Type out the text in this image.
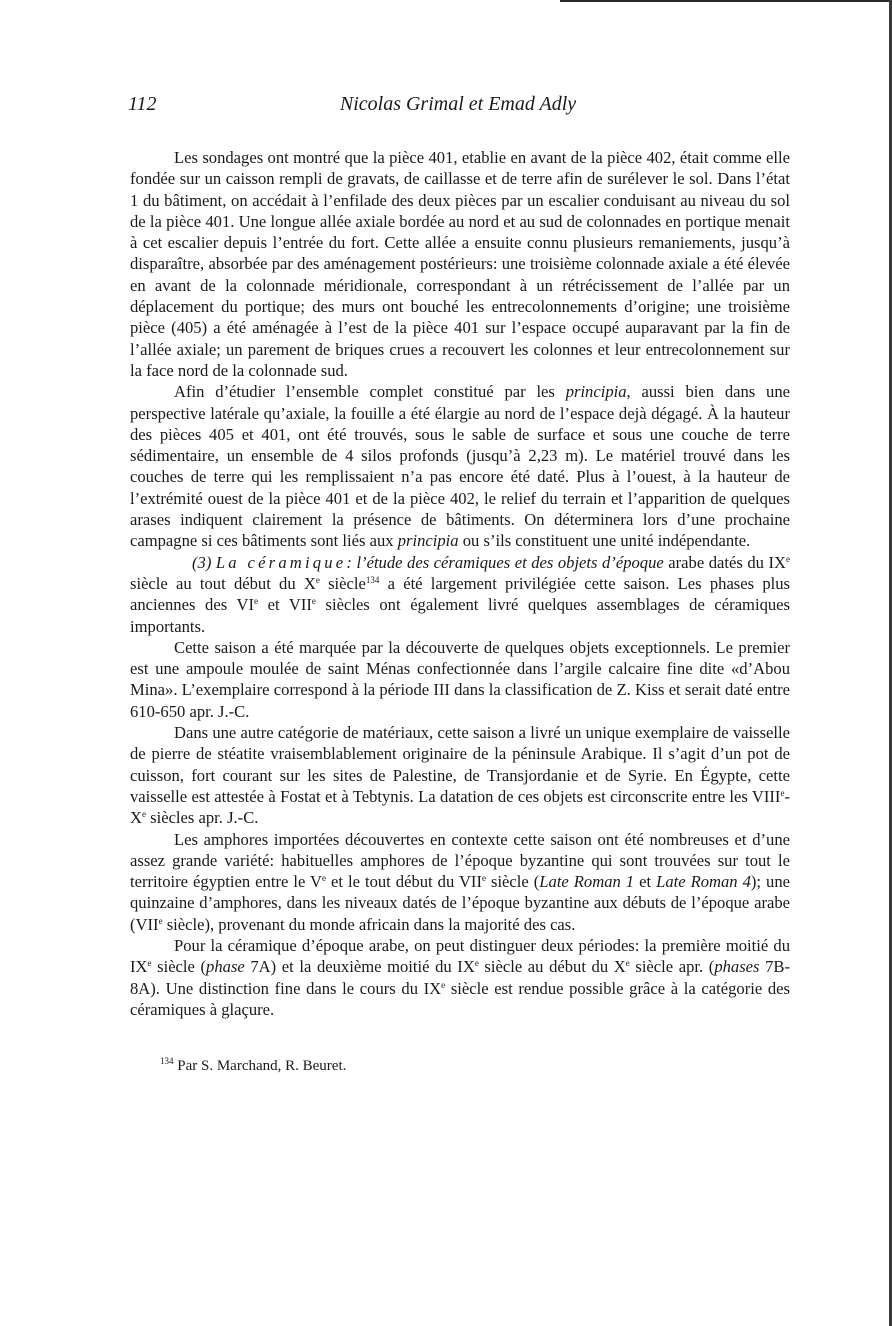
112	Nicolas Grimal et Emad Adly

Les sondages ont montré que la pièce 401, etablie en avant de la pièce 402, était comme elle fondée sur un caisson rempli de gravats, de caillasse et de terre afin de surélever le sol. Dans l’état 1 du bâtiment, on accédait à l’enfilade des deux pièces par un escalier conduisant au niveau du sol de la pièce 401. Une longue allée axiale bordée au nord et au sud de colonnades en portique menait à cet escalier depuis l’entrée du fort. Cette allée a ensuite connu plusieurs remaniements, jusqu’à disparaître, absorbée par des aménagement postérieurs: une troisième colonnade axiale a été élevée en avant de la colonnade méridionale, correspondant à un rétrécissement de l’allée par un déplacement du portique; des murs ont bouché les entrecolonnements d’origine; une troisième pièce (405) a été aménagée à l’est de la pièce 401 sur l’espace occupé auparavant par la fin de l’allée axiale; un parement de briques crues a recouvert les colonnes et leur entrecolonnement sur la face nord de la colonnade sud.

Afin d’étudier l’ensemble complet constitué par les principia, aussi bien dans une perspective latérale qu’axiale, la fouille a été élargie au nord de l’espace dejà dégagé. À la hauteur des pièces 405 et 401, ont été trouvés, sous le sable de surface et sous une couche de terre sédimentaire, un ensemble de 4 silos profonds (jusqu’à 2,23 m). Le matériel trouvé dans les couches de terre qui les remplissaient n’a pas encore été daté. Plus à l’ouest, à la hauteur de l’extrémité ouest de la pièce 401 et de la pièce 402, le relief du terrain et l’apparition de quelques arases indiquent clairement la présence de bâtiments. On déterminera lors d’une prochaine campagne si ces bâtiments sont liés aux principia ou s’ils constituent une unité indépendante.

(3) La céramique: l’étude des céramiques et des objets d’époque arabe datés du IXe siècle au tout début du Xe siècle$^{134}$ a été largement privilégiée cette saison. Les phases plus anciennes des VIe et VIIe siècles ont également livré quelques assemblages de céramiques importants.

Cette saison a été marquée par la découverte de quelques objets exceptionnels. Le premier est une ampoule moulée de saint Ménas confectionnée dans l’argile calcaire fine dite «d’Abou Mina». L’exemplaire correspond à la période III dans la classification de Z. Kiss et serait daté entre 610-650 apr. J.-C.

Dans une autre catégorie de matériaux, cette saison a livré un unique exemplaire de vaisselle de pierre de stéatite vraisemblablement originaire de la péninsule Arabique. Il s’agit d’un pot de cuisson, fort courant sur les sites de Palestine, de Transjordanie et de Syrie. En Égypte, cette vaisselle est attestée à Fostat et à Tebtynis. La datation de ces objets est circonscrite entre les VIIIe-Xe siècles apr. J.-C.

Les amphores importées découvertes en contexte cette saison ont été nombreuses et d’une assez grande variété: habituelles amphores de l’époque byzantine qui sont trouvées sur tout le territoire égyptien entre le Ve et le tout début du VIIe siècle (Late Roman 1 et Late Roman 4); une quinzaine d’amphores, dans les niveaux datés de l’époque byzantine aux débuts de l’époque arabe (VIIe siècle), provenant du monde africain dans la majorité des cas.

Pour la céramique d’époque arabe, on peut distinguer deux périodes: la première moitié du IXe siècle (phase 7A) et la deuxième moitié du IXe siècle au début du Xe siècle apr. (phases 7B-8A). Une distinction fine dans le cours du IXe siècle est rendue possible grâce à la catégorie des céramiques à glaçure.

$^{134}$ Par S. Marchand, R. Beuret.
